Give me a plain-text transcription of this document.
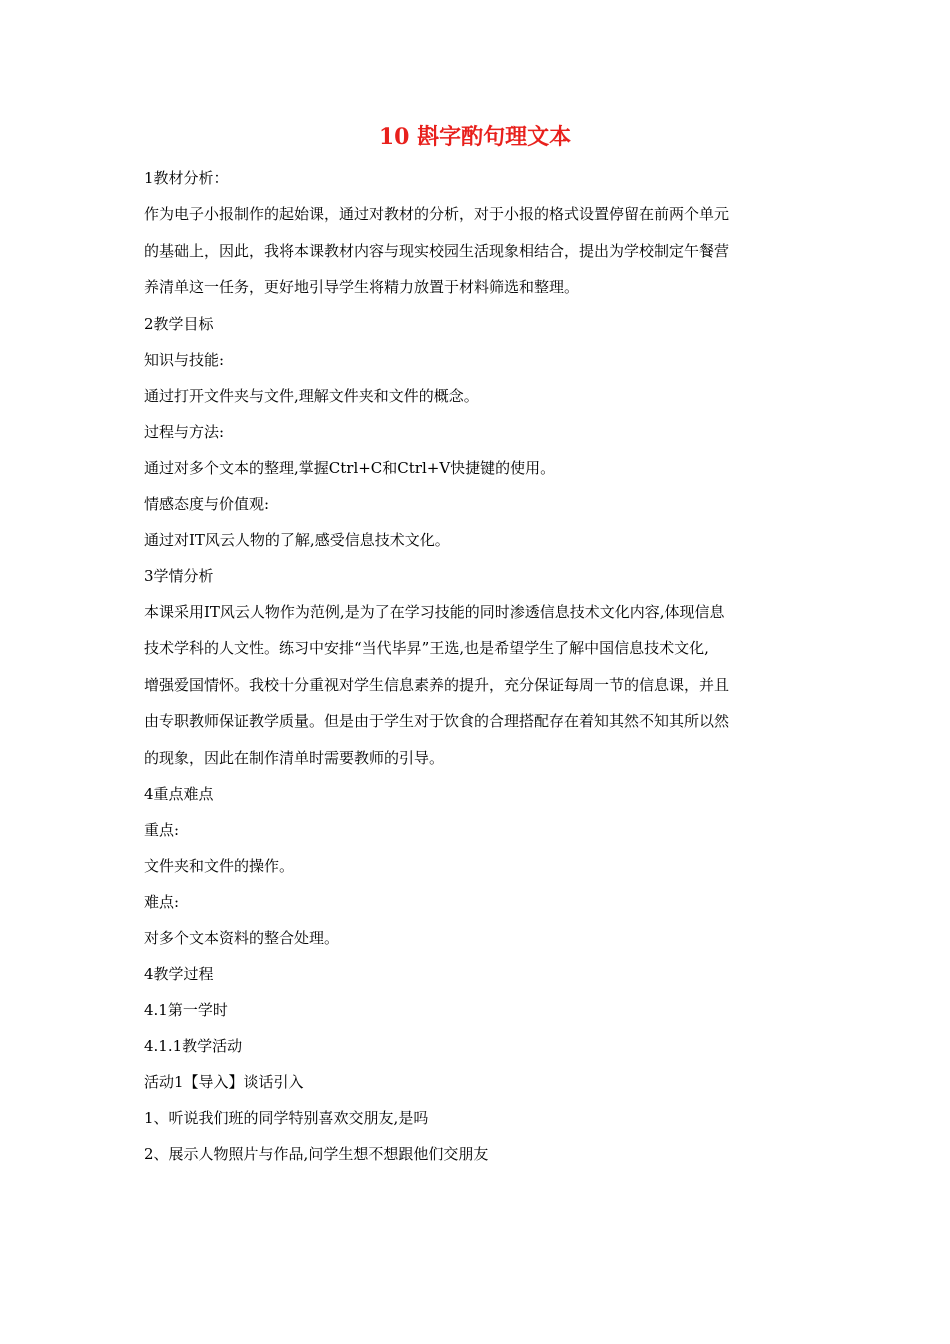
10 斟字酌句理文本
1教材分析：
作为电子小报制作的起始课，通过对教材的分析，对于小报的格式设置停留在前两个单元
的基础上，因此，我将本课教材内容与现实校园生活现象相结合，提出为学校制定午餐营
养清单这一任务，更好地引导学生将精力放置于材料筛选和整理。
2教学目标
知识与技能:
通过打开文件夹与文件,理解文件夹和文件的概念。
过程与方法:
通过对多个文本的整理,掌握Ctrl+C和Ctrl+V快捷键的使用。
情感态度与价值观:
通过对IT风云人物的了解,感受信息技术文化。
3学情分析
本课采用IT风云人物作为范例,是为了在学习技能的同时渗透信息技术文化内容,体现信息
技术学科的人文性。练习中安排“当代毕昇”王选,也是希望学生了解中国信息技术文化,
增强爱国情怀。我校十分重视对学生信息素养的提升，充分保证每周一节的信息课，并且
由专职教师保证教学质量。但是由于学生对于饮食的合理搭配存在着知其然不知其所以然
的现象，因此在制作清单时需要教师的引导。
4重点难点
重点:
文件夹和文件的操作。
难点:
对多个文本资料的整合处理。
4教学过程
4.1第一学时
4.1.1教学活动
活动1【导入】谈话引入
1、听说我们班的同学特别喜欢交朋友,是吗
2、展示人物照片与作品,问学生想不想跟他们交朋友
